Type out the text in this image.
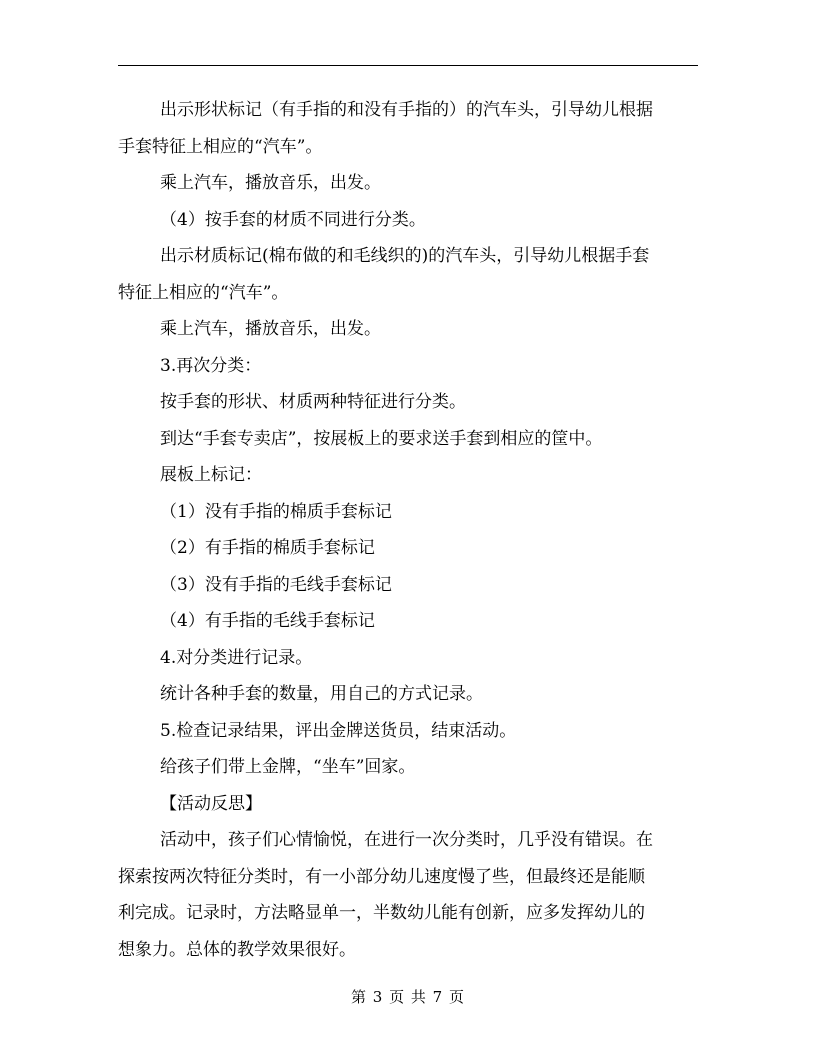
出示形状标记（有手指的和没有手指的）的汽车头，引导幼儿根据
手套特征上相应的“汽车”。
乘上汽车，播放音乐，出发。
（4）按手套的材质不同进行分类。
出示材质标记(棉布做的和毛线织的)的汽车头，引导幼儿根据手套
特征上相应的“汽车”。
乘上汽车，播放音乐，出发。
3.再次分类：
按手套的形状、材质两种特征进行分类。
到达“手套专卖店”，按展板上的要求送手套到相应的筐中。
展板上标记：
（1）没有手指的棉质手套标记
（2）有手指的棉质手套标记
（3）没有手指的毛线手套标记
（4）有手指的毛线手套标记
4.对分类进行记录。
统计各种手套的数量，用自己的方式记录。
5.检查记录结果，评出金牌送货员，结束活动。
给孩子们带上金牌，“坐车”回家。
【活动反思】
活动中，孩子们心情愉悦，在进行一次分类时，几乎没有错误。在
探索按两次特征分类时，有一小部分幼儿速度慢了些，但最终还是能顺
利完成。记录时，方法略显单一，半数幼儿能有创新，应多发挥幼儿的
想象力。总体的教学效果很好。
第 3 页 共 7 页
